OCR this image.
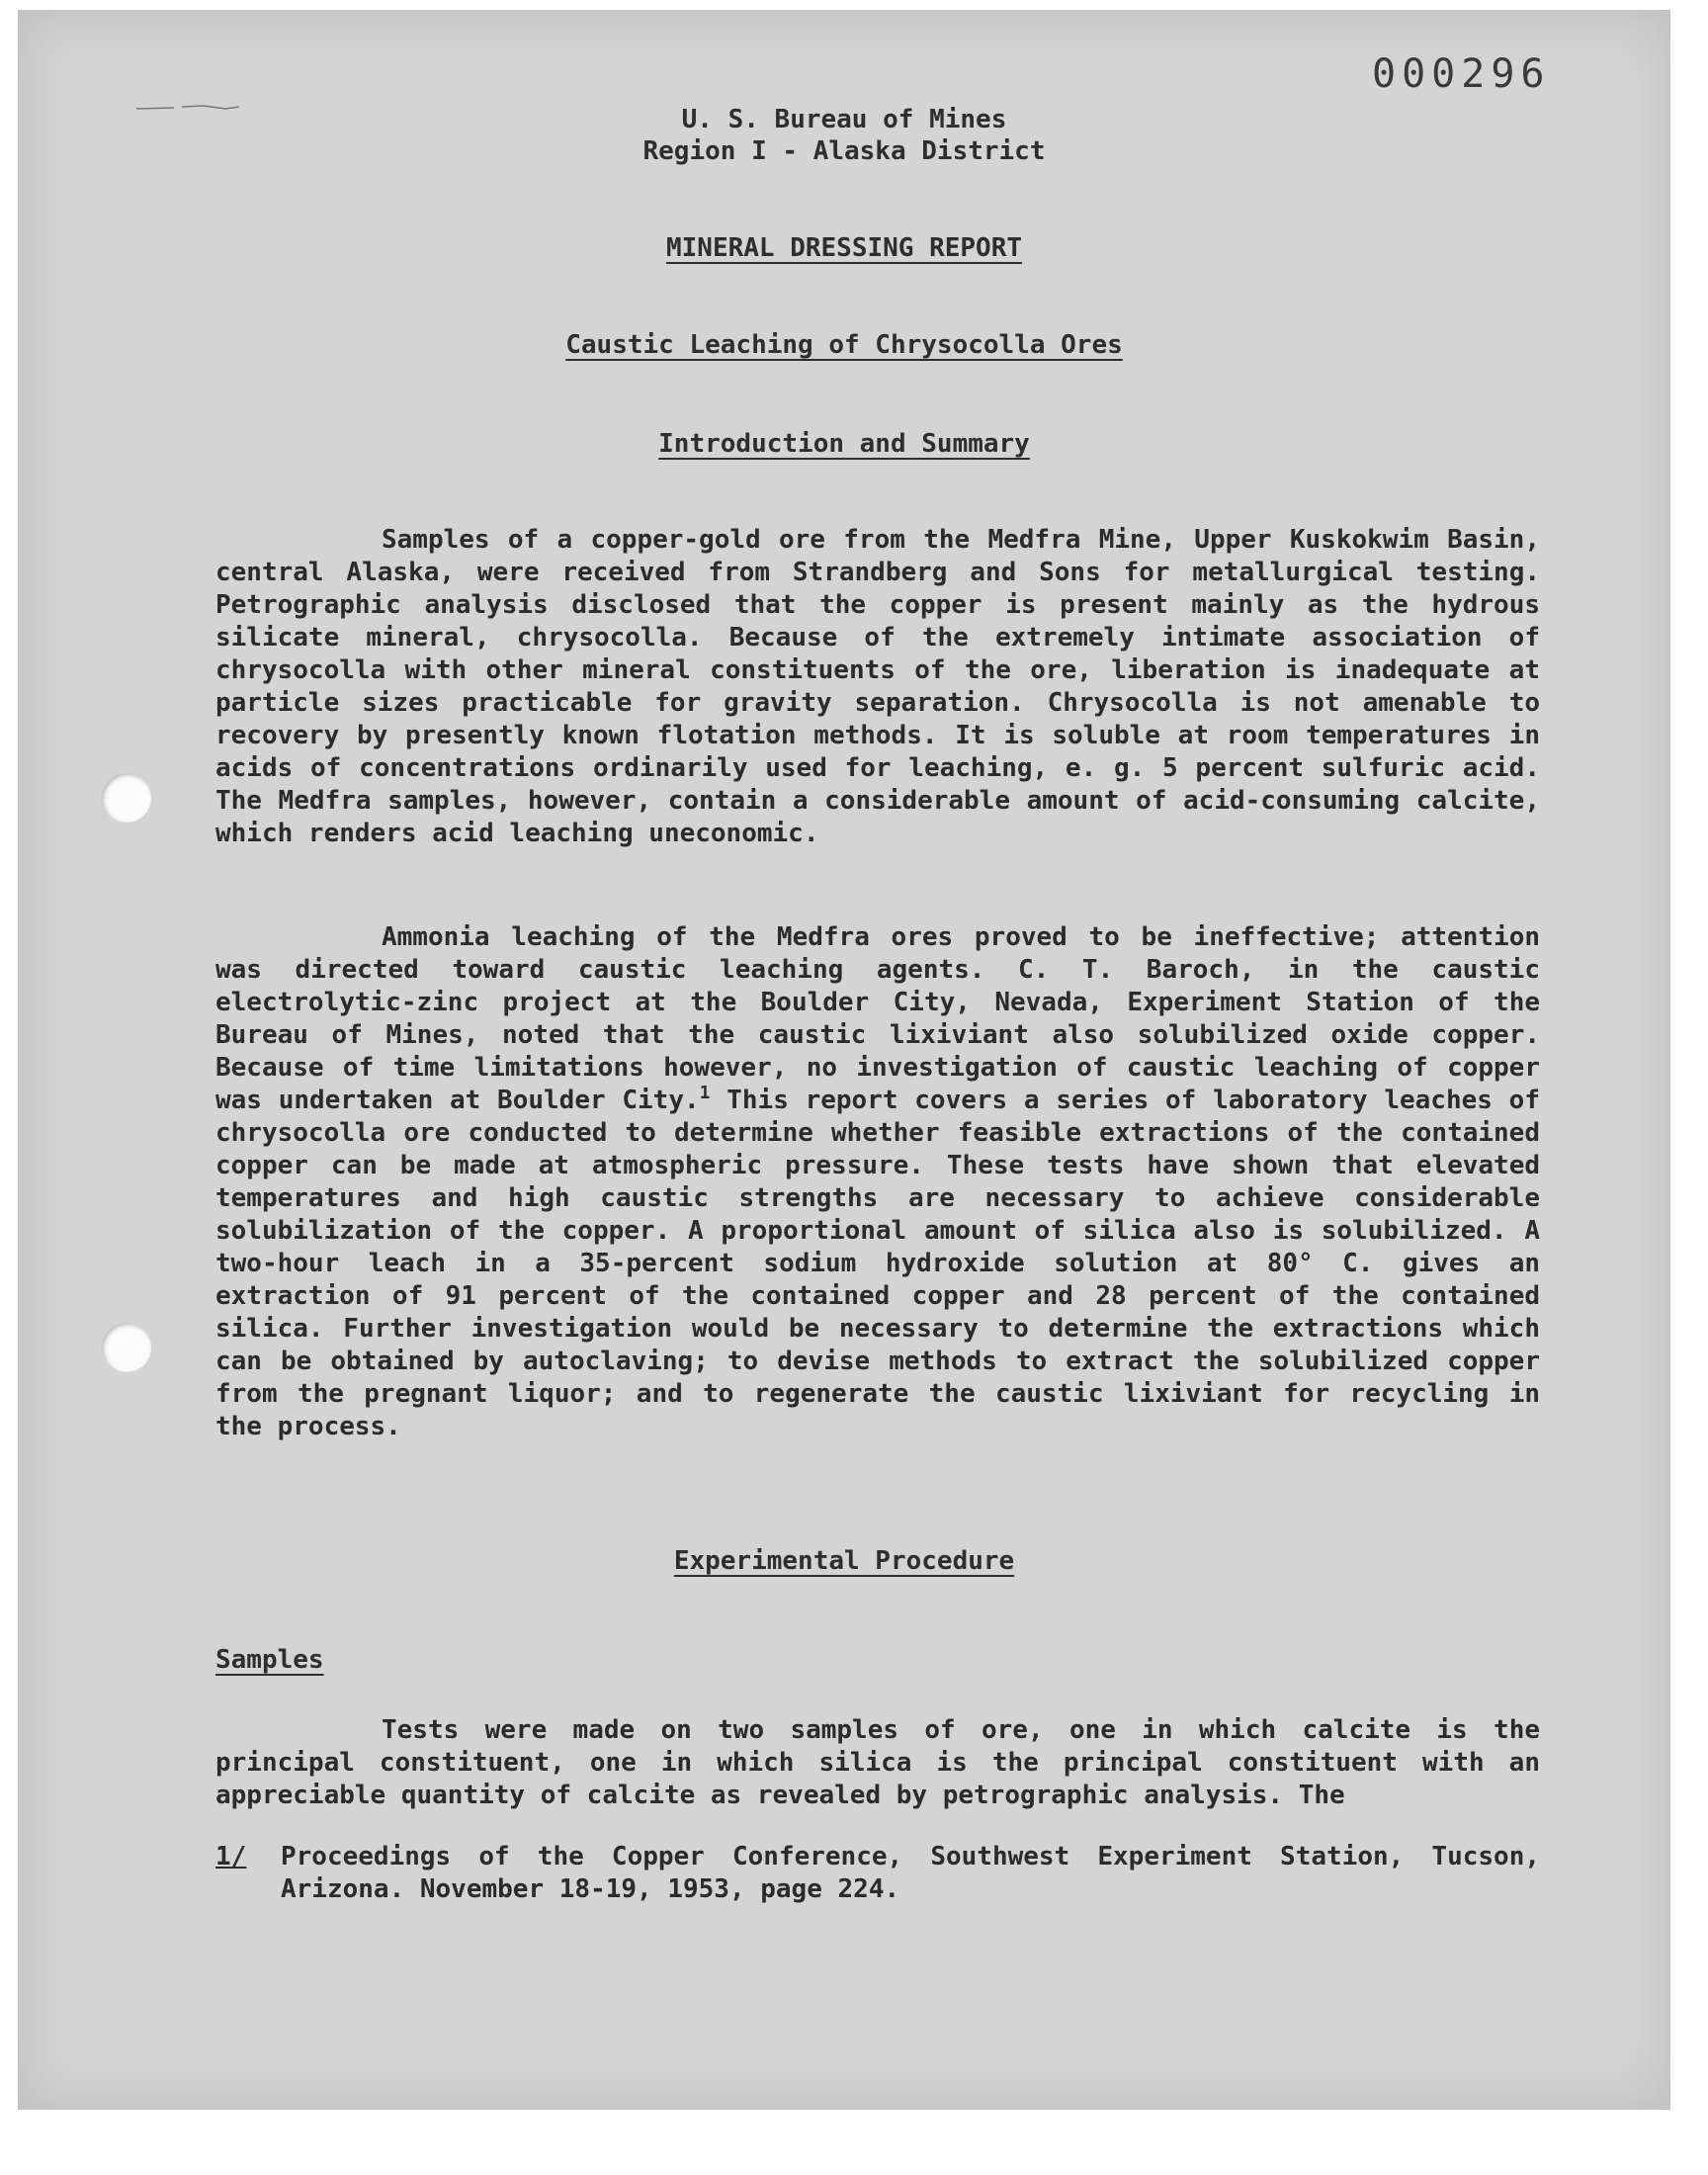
000296
U. S. Bureau of Mines
Region I - Alaska District
MINERAL DRESSING REPORT
Caustic Leaching of Chrysocolla Ores
Introduction and Summary

Samples of a copper-gold ore from the Medfra Mine, Upper Kuskokwim Basin, central Alaska, were received from Strandberg and Sons for metallurgical testing. Petrographic analysis disclosed that the copper is present mainly as the hydrous silicate mineral, chrysocolla. Because of the extremely intimate association of chrysocolla with other mineral constituents of the ore, liberation is inadequate at particle sizes practicable for gravity separation. Chrysocolla is not amenable to recovery by presently known flotation methods. It is soluble at room temperatures in acids of concentrations ordinarily used for leaching, e. g. 5 percent sulfuric acid. The Medfra samples, however, contain a considerable amount of acid-consuming calcite, which renders acid leaching uneconomic.

Ammonia leaching of the Medfra ores proved to be ineffective; attention was directed toward caustic leaching agents. C. T. Baroch, in the caustic electrolytic-zinc project at the Boulder City, Nevada, Experiment Station of the Bureau of Mines, noted that the caustic lixiviant also solubilized oxide copper. Because of time limitations however, no investigation of caustic leaching of copper was undertaken at Boulder City.$^1$ This report covers a series of laboratory leaches of chrysocolla ore conducted to determine whether feasible extractions of the contained copper can be made at atmospheric pressure. These tests have shown that elevated temperatures and high caustic strengths are necessary to achieve considerable solubilization of the copper. A proportional amount of silica also is solubilized. A two-hour leach in a 35-percent sodium hydroxide solution at 80° C. gives an extraction of 91 percent of the contained copper and 28 percent of the contained silica. Further investigation would be necessary to determine the extractions which can be obtained by autoclaving; to devise methods to extract the solubilized copper from the pregnant liquor; and to regenerate the caustic lixiviant for recycling in the process.

Experimental Procedure
Samples

Tests were made on two samples of ore, one in which calcite is the principal constituent, one in which silica is the principal constituent with an appreciable quantity of calcite as revealed by petrographic analysis. The

1/ Proceedings of the Copper Conference, Southwest Experiment Station, Tucson, Arizona. November 18-19, 1953, page 224.
